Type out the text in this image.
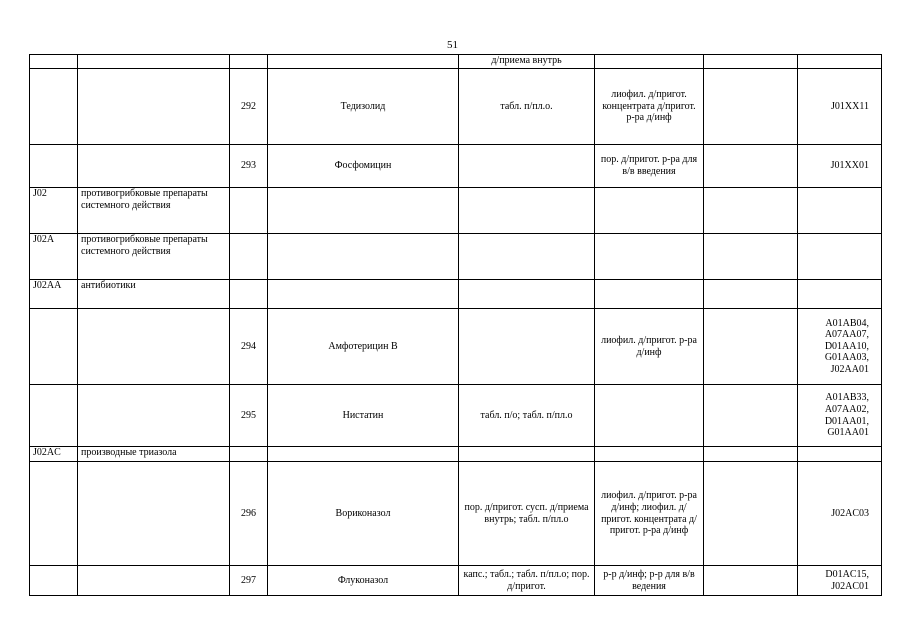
51
				д/приема внутрь			
		292	Тедизолид	табл. п/пл.о.	лиофил. д/пригот. концентрата д/пригот. р-ра д/инф		J01XX11
		293	Фосфомицин		пор. д/пригот. р-ра для в/в введения		J01XX01
J02	противогрибковые препараты системного действия						
J02A	противогрибковые препараты системного действия						
J02AA	антибиотики						
		294	Амфотерицин В		лиофил. д/пригот. р-ра д/инф		A01AB04, A07AA07, D01AA10, G01AA03, J02AA01
		295	Нистатин	табл. п/о; табл. п/пл.о			A01AB33, A07AA02, D01AA01, G01AA01
J02AC	производные триазола						
		296	Вориконазол	пор. д/пригот. сусп. д/приема внутрь; табл. п/пл.о	лиофил. д/пригот. р-ра д/инф; лиофил. д/пригот. концентрата д/пригот. р-ра д/инф		J02AC03
		297	Флуконазол	капс.; табл.; табл. п/пл.о; пор. д/пригот.	р-р д/инф; р-р для в/в ведения		D01AC15, J02AC01
